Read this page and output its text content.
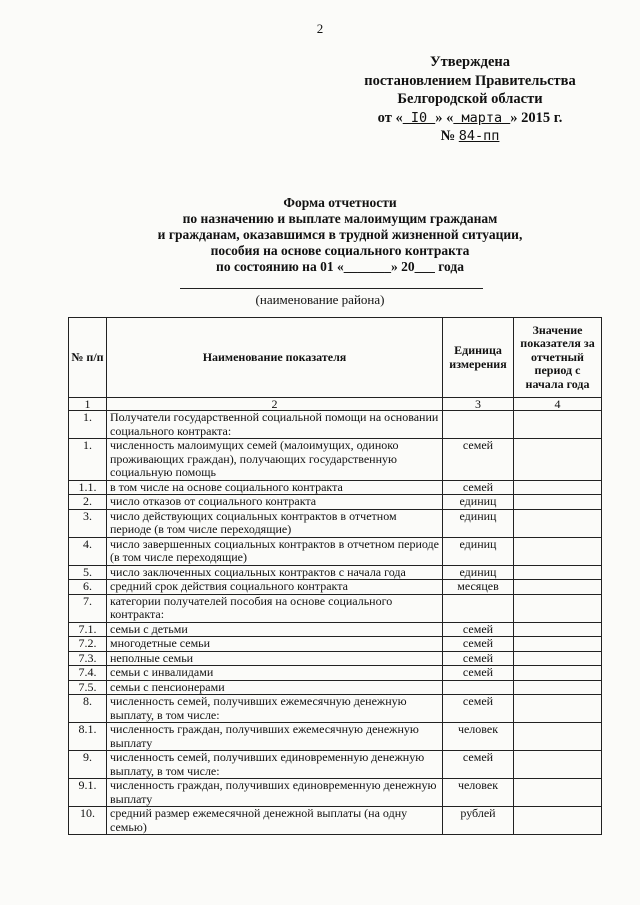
2
Утверждена
постановлением Правительства
Белгородской области
от « I0 » « марта » 2015 г.
№ 84-пп
Форма отчетности
по назначению и выплате малоимущим гражданам
и гражданам, оказавшимся в трудной жизненной ситуации,
пособия на основе социального контракта
по состоянию на 01 «_______» 20___ года
(наименование района)
№ п/п	Наименование показателя	Единица измерения	Значение показателя за отчетный период с начала года
1	2	3	4
1.	Получатели государственной социальной помощи на основании социального контракта:		
1.	численность малоимущих семей (малоимущих, одиноко проживающих граждан), получающих государственную социальную помощь	семей	
1.1.	в том числе на основе социального контракта	семей	
2.	число отказов от социального контракта	единиц	
3.	число действующих социальных контрактов в отчетном периоде (в том числе переходящие)	единиц	
4.	число завершенных социальных контрактов в отчетном периоде (в том числе переходящие)	единиц	
5.	число заключенных социальных контрактов с начала года	единиц	
6.	средний срок действия социального контракта	месяцев	
7.	категории получателей пособия на основе социального контракта:		
7.1.	семьи с детьми	семей	
7.2.	многодетные семьи	семей	
7.3.	неполные семьи	семей	
7.4.	семьи с инвалидами	семей	
7.5.	семьи с пенсионерами		
8.	численность семей, получивших ежемесячную денежную выплату, в том числе:	семей	
8.1.	численность граждан, получивших ежемесячную денежную выплату	человек	
9.	численность семей, получивших единовременную денежную выплату, в том числе:	семей	
9.1.	численность граждан, получивших единовременную денежную выплату	человек	
10.	средний размер ежемесячной денежной выплаты (на одну семью)	рублей	
